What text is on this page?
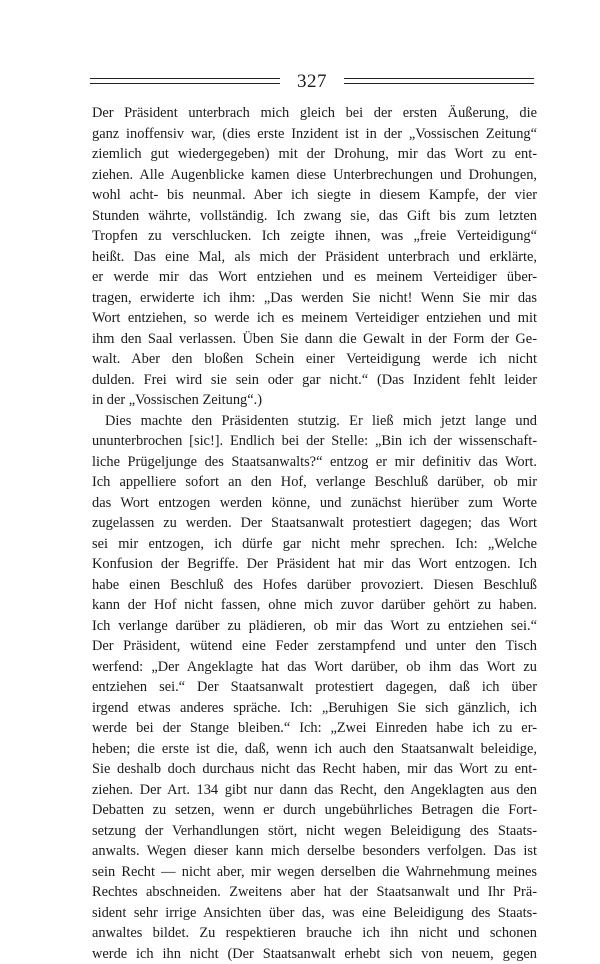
327
Der Präsident unterbrach mich gleich bei der ersten Äußerung, die
ganz inoffensiv war, (dies erste Inzident ist in der „Vossischen Zeitung“
ziemlich gut wiedergegeben) mit der Drohung, mir das Wort zu ent-
ziehen. Alle Augenblicke kamen diese Unterbrechungen und Drohungen,
wohl acht- bis neunmal. Aber ich siegte in diesem Kampfe, der vier
Stunden währte, vollständig. Ich zwang sie, das Gift bis zum letzten
Tropfen zu verschlucken. Ich zeigte ihnen, was „freie Verteidigung“
heißt. Das eine Mal, als mich der Präsident unterbrach und erklärte,
er werde mir das Wort entziehen und es meinem Verteidiger über-
tragen, erwiderte ich ihm: „Das werden Sie nicht! Wenn Sie mir das
Wort entziehen, so werde ich es meinem Verteidiger entziehen und mit
ihm den Saal verlassen. Üben Sie dann die Gewalt in der Form der Ge-
walt. Aber den bloßen Schein einer Verteidigung werde ich nicht
dulden. Frei wird sie sein oder gar nicht.“ (Das Inzident fehlt leider
in der „Vossischen Zeitung“.)
Dies machte den Präsidenten stutzig. Er ließ mich jetzt lange und
ununterbrochen [sic!]. Endlich bei der Stelle: „Bin ich der wissenschaft-
liche Prügeljunge des Staatsanwalts?“ entzog er mir definitiv das Wort.
Ich appelliere sofort an den Hof, verlange Beschluß darüber, ob mir
das Wort entzogen werden könne, und zunächst hierüber zum Worte
zugelassen zu werden. Der Staatsanwalt protestiert dagegen; das Wort
sei mir entzogen, ich dürfe gar nicht mehr sprechen. Ich: „Welche
Konfusion der Begriffe. Der Präsident hat mir das Wort entzogen. Ich
habe einen Beschluß des Hofes darüber provoziert. Diesen Beschluß
kann der Hof nicht fassen, ohne mich zuvor darüber gehört zu haben.
Ich verlange darüber zu plädieren, ob mir das Wort zu entziehen sei.“
Der Präsident, wütend eine Feder zerstampfend und unter den Tisch
werfend: „Der Angeklagte hat das Wort darüber, ob ihm das Wort zu
entziehen sei.“ Der Staatsanwalt protestiert dagegen, daß ich über
irgend etwas anderes spräche. Ich: „Beruhigen Sie sich gänzlich, ich
werde bei der Stange bleiben.“ Ich: „Zwei Einreden habe ich zu er-
heben; die erste ist die, daß, wenn ich auch den Staatsanwalt beleidige,
Sie deshalb doch durchaus nicht das Recht haben, mir das Wort zu ent-
ziehen. Der Art. 134 gibt nur dann das Recht, den Angeklagten aus den
Debatten zu setzen, wenn er durch ungebührliches Betragen die Fort-
setzung der Verhandlungen stört, nicht wegen Beleidigung des Staats-
anwalts. Wegen dieser kann mich derselbe besonders verfolgen. Das ist
sein Recht — nicht aber, mir wegen derselben die Wahrnehmung meines
Rechtes abschneiden. Zweitens aber hat der Staatsanwalt und Ihr Prä-
sident sehr irrige Ansichten über das, was eine Beleidigung des Staats-
anwaltes bildet. Zu respektieren brauche ich ihn nicht und schonen
werde ich ihn nicht (Der Staatsanwalt erhebt sich von neuem, gegen
